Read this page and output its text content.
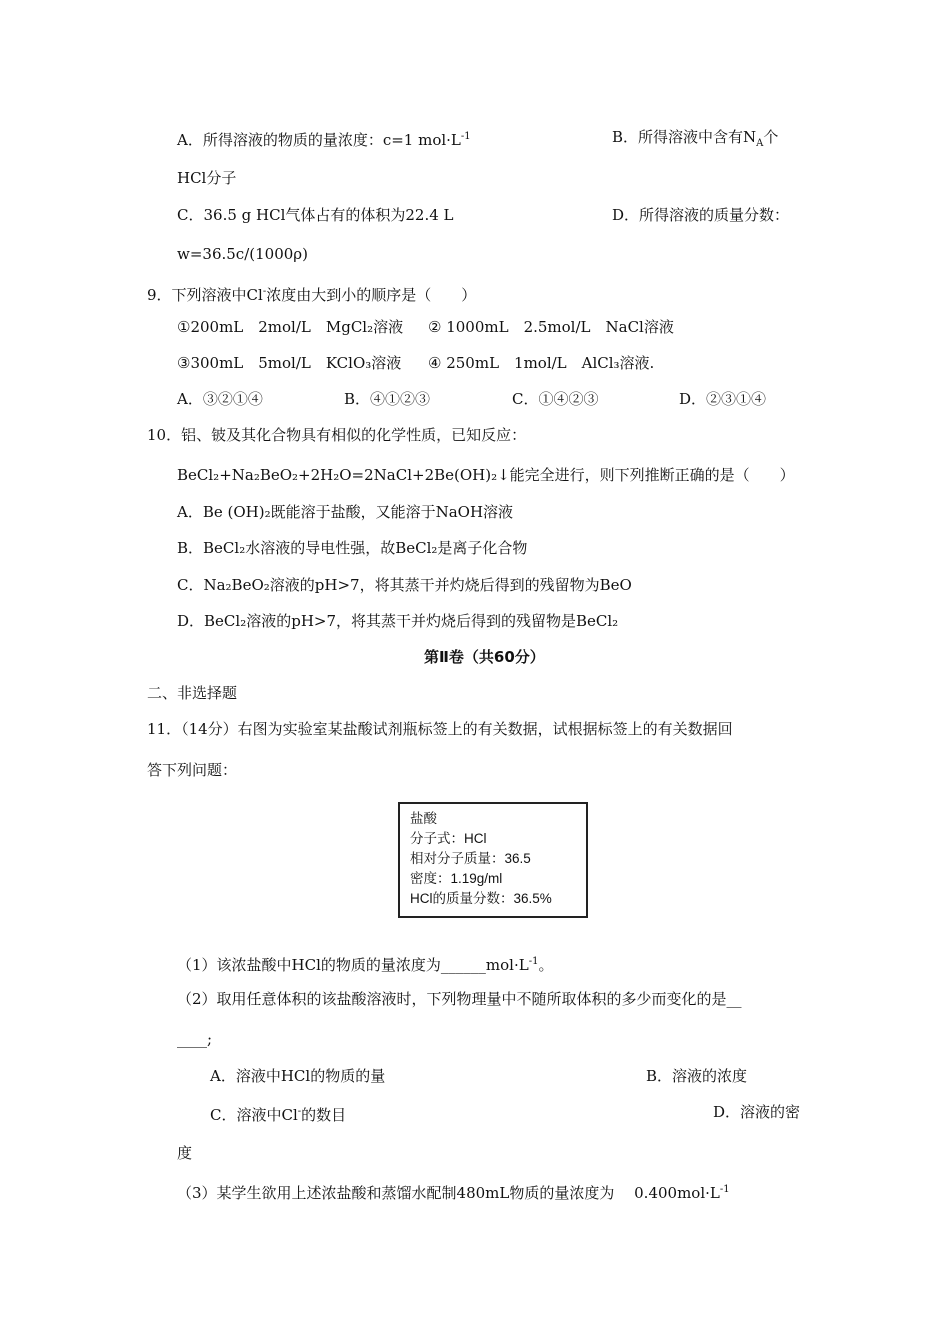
A．所得溶液的物质的量浓度：c=1 $mol\cdot L^{-1}$	B．所得溶液中含有$N_A$个
HCl分子
C．36.5 g HCl气体占有的体积为22.4 L	D．所得溶液的质量分数：
w=36.5c/(1000ρ)
9．下列溶液中Cl-浓度由大到小的顺序是（　　）
①200mL　2mol/L　MgCl₂溶液 ② 1000mL　2.5mol/L　NaCl溶液
③300mL　5mol/L　KClO₃溶液 ④ 250mL　1mol/L　AlCl₃溶液.
A．③②①④	B．④①②③	C．①④②③	D．②③①④
10．铝、铍及其化合物具有相似的化学性质，已知反应：
BeCl₂+Na₂BeO₂+2H₂O=2NaCl+2Be(OH)₂↓能完全进行，则下列推断正确的是（　　）
A．Be (OH)₂既能溶于盐酸，又能溶于NaOH溶液
B．BeCl₂水溶液的导电性强，故BeCl₂是离子化合物
C．Na₂BeO₂溶液的pH>7，将其蒸干并灼烧后得到的残留物为BeO
D．BeCl₂溶液的pH>7，将其蒸干并灼烧后得到的残留物是BeCl₂
第Ⅱ卷（共60分）
二、非选择题
11．（14分）右图为实验室某盐酸试剂瓶标签上的有关数据，试根据标签上的有关数据回
答下列问题：
盐酸
分子式：HCl
相对分子质量：36.5
密度：1.19g/ml
HCl的质量分数：36.5%
（1）该浓盐酸中HCl的物质的量浓度为$\_\_\_\_\_\_mol\cdot L^{-1}$。
（2）取用任意体积的该盐酸溶液时，下列物理量中不随所取体积的多少而变化的是__
____;
A．溶液中HCl的物质的量	B．溶液的浓度
C．溶液中Cl-的数目	D．溶液的密
度
（3）某学生欲用上述浓盐酸和蒸馏水配制480mL物质的量浓度为　 $0.400mol\cdot L^{-1}$
